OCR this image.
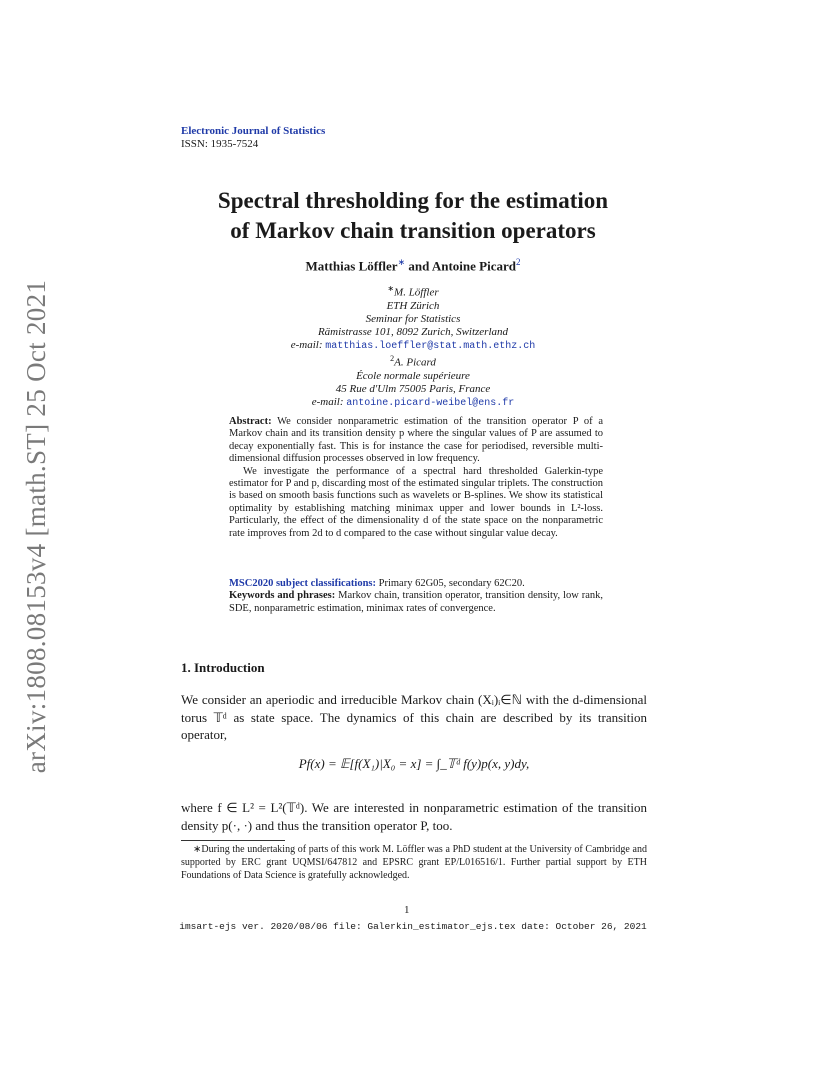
arXiv:1808.08153v4 [math.ST] 25 Oct 2021
Electronic Journal of Statistics
ISSN: 1935-7524
Spectral thresholding for the estimation
of Markov chain transition operators
Matthias Löffler∗ and Antoine Picard$^2$
∗M. Löffler
ETH Zürich
Seminar for Statistics
Rämistrasse 101, 8092 Zurich, Switzerland
e-mail: matthias.loeffler@stat.math.ethz.ch
$^2$A. Picard
École normale supérieure
45 Rue d'Ulm 75005 Paris, France
e-mail: antoine.picard-weibel@ens.fr

Abstract: We consider nonparametric estimation of the transition operator P of a Markov chain and its transition density p where the singular values of P are assumed to decay exponentially fast. This is for instance the case for periodised, reversible multi-dimensional diffusion processes observed in low frequency.

We investigate the performance of a spectral hard thresholded Galerkin-type estimator for P and p, discarding most of the estimated singular triplets. The construction is based on smooth basis functions such as wavelets or B-splines. We show its statistical optimality by establishing matching minimax upper and lower bounds in L²-loss. Particularly, the effect of the dimensionality d of the state space on the nonparametric rate improves from 2d to d compared to the case without singular value decay.

MSC2020 subject classifications: Primary 62G05, secondary 62C20.

Keywords and phrases: Markov chain, transition operator, transition density, low rank, SDE, nonparametric estimation, minimax rates of convergence.

1. Introduction

We consider an aperiodic and irreducible Markov chain (Xᵢ)ᵢ∈ℕ with the d-dimensional torus 𝕋ᵈ as state space. The dynamics of this chain are described by its transition operator,

Pf(x) = 𝔼[f(X₁)|X₀ = x] = ∫_𝕋ᵈ f(y)p(x, y)dy,

where f ∈ L² = L²(𝕋ᵈ). We are interested in nonparametric estimation of the transition density p(·, ·) and thus the transition operator P, too.

∗During the undertaking of parts of this work M. Löffler was a PhD student at the University of Cambridge and supported by ERC grant UQMSI/647812 and EPSRC grant EP/L016516/1. Further partial support by ETH Foundations of Data Science is gratefully acknowledged.

1
imsart-ejs ver. 2020/08/06 file: Galerkin_estimator_ejs.tex date: October 26, 2021
